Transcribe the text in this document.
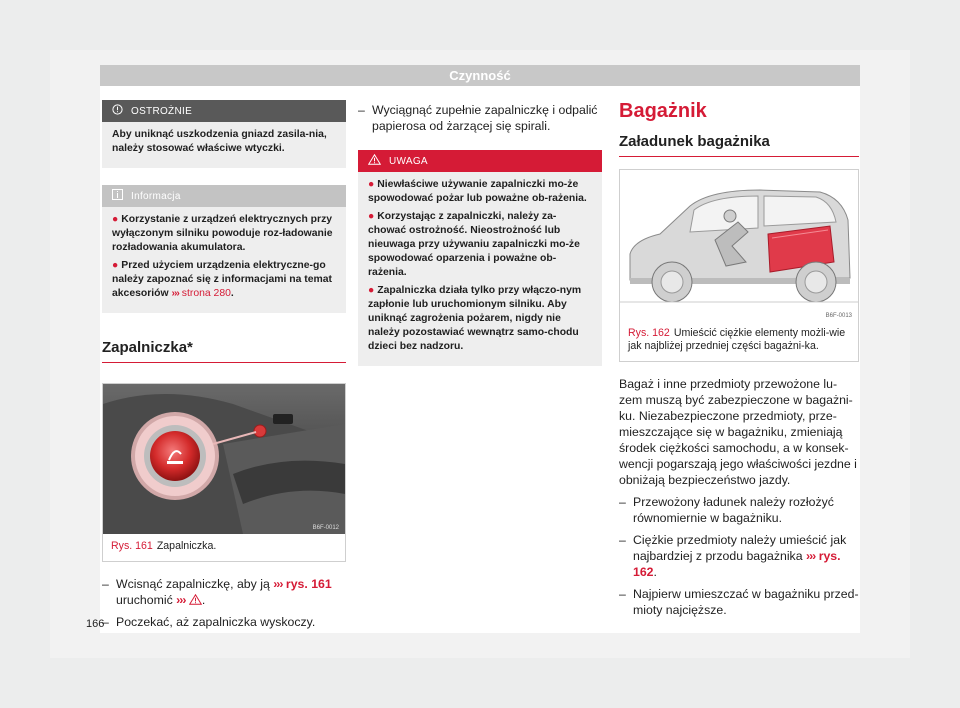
Czynność
166
OSTROŻNIE

Aby uniknąć uszkodzenia gniazd zasila-nia, należy stosować właściwe wtyczki.

Informacja

● Korzystanie z urządzeń elektrycznych przy wyłączonym silniku powoduje roz-ładowanie rozładowania akumulatora.

● Przed użyciem urządzenia elektryczne-go należy zapoznać się z informacjami na temat akcesoriów ››› strona 280.

Zapalniczka*
B6F-0012
Rys. 161 Zapalniczka.

– Wcisnąć zapalniczkę, aby ją ››› rys. 161 uruchomić ››› .

– Poczekać, aż zapalniczka wyskoczy.

– Wyciągnąć zupełnie zapalniczkę i odpalić papierosa od żarzącej się spirali.

UWAGA

● Niewłaściwe używanie zapalniczki mo-że spowodować pożar lub poważne ob-rażenia.

● Korzystając z zapalniczki, należy za-chować ostrożność. Nieostrożność lub nieuwaga przy używaniu zapalniczki mo-że spowodować oparzenia i poważne ob-rażenia.

● Zapalniczka działa tylko przy włączo-nym zapłonie lub uruchomionym silniku. Aby uniknąć zagrożenia pożarem, nigdy nie należy pozostawiać wewnątrz samo-chodu dzieci bez nadzoru.

Bagażnik
Załadunek bagażnika
B6F-0013
Rys. 162 Umieścić ciężkie elementy możli-wie jak najbliżej przedniej części bagażni-ka.

Bagaż i inne przedmioty przewożone lu-zem muszą być zabezpieczone w bagażni-ku. Niezabezpieczone przedmioty, prze-mieszczające się w bagażniku, zmieniają środek ciężkości samochodu, a w konsek-wencji pogarszają jego właściwości jezdne i obniżają bezpieczeństwo jazdy.

– Przewożony ładunek należy rozłożyć równomiernie w bagażniku.

– Ciężkie przedmioty należy umieścić jak najbardziej z przodu bagażnika ››› rys. 162.

– Najpierw umieszczać w bagażniku przed-mioty najcięższe.
